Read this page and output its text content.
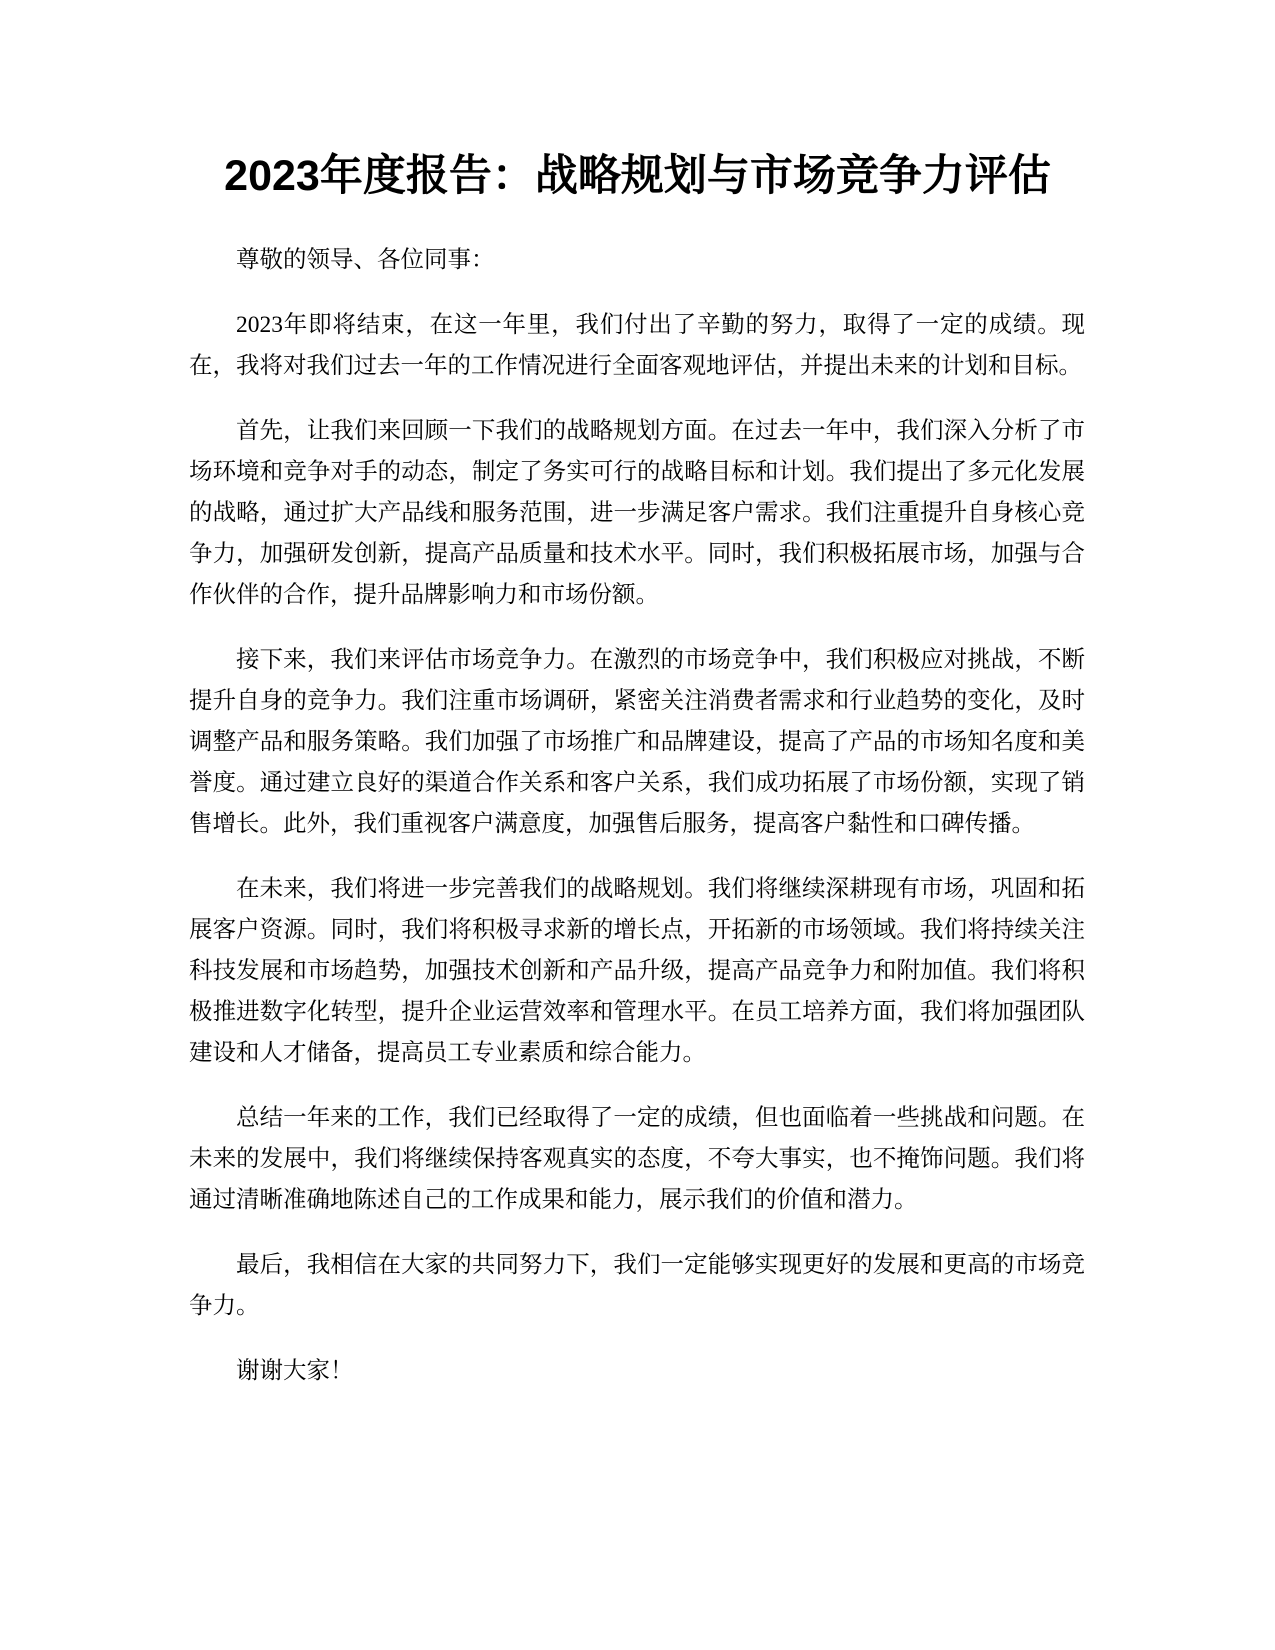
2023年度报告：战略规划与市场竞争力评估

尊敬的领导、各位同事：

2023年即将结束，在这一年里，我们付出了辛勤的努力，取得了一定的成绩。现在，我将对我们过去一年的工作情况进行全面客观地评估，并提出未来的计划和目标。

首先，让我们来回顾一下我们的战略规划方面。在过去一年中，我们深入分析了市场环境和竞争对手的动态，制定了务实可行的战略目标和计划。我们提出了多元化发展的战略，通过扩大产品线和服务范围，进一步满足客户需求。我们注重提升自身核心竞争力，加强研发创新，提高产品质量和技术水平。同时，我们积极拓展市场，加强与合作伙伴的合作，提升品牌影响力和市场份额。

接下来，我们来评估市场竞争力。在激烈的市场竞争中，我们积极应对挑战，不断提升自身的竞争力。我们注重市场调研，紧密关注消费者需求和行业趋势的变化，及时调整产品和服务策略。我们加强了市场推广和品牌建设，提高了产品的市场知名度和美誉度。通过建立良好的渠道合作关系和客户关系，我们成功拓展了市场份额，实现了销售增长。此外，我们重视客户满意度，加强售后服务，提高客户黏性和口碑传播。

在未来，我们将进一步完善我们的战略规划。我们将继续深耕现有市场，巩固和拓展客户资源。同时，我们将积极寻求新的增长点，开拓新的市场领域。我们将持续关注科技发展和市场趋势，加强技术创新和产品升级，提高产品竞争力和附加值。我们将积极推进数字化转型，提升企业运营效率和管理水平。在员工培养方面，我们将加强团队建设和人才储备，提高员工专业素质和综合能力。

总结一年来的工作，我们已经取得了一定的成绩，但也面临着一些挑战和问题。在未来的发展中，我们将继续保持客观真实的态度，不夸大事实，也不掩饰问题。我们将通过清晰准确地陈述自己的工作成果和能力，展示我们的价值和潜力。

最后，我相信在大家的共同努力下，我们一定能够实现更好的发展和更高的市场竞争力。

谢谢大家！
